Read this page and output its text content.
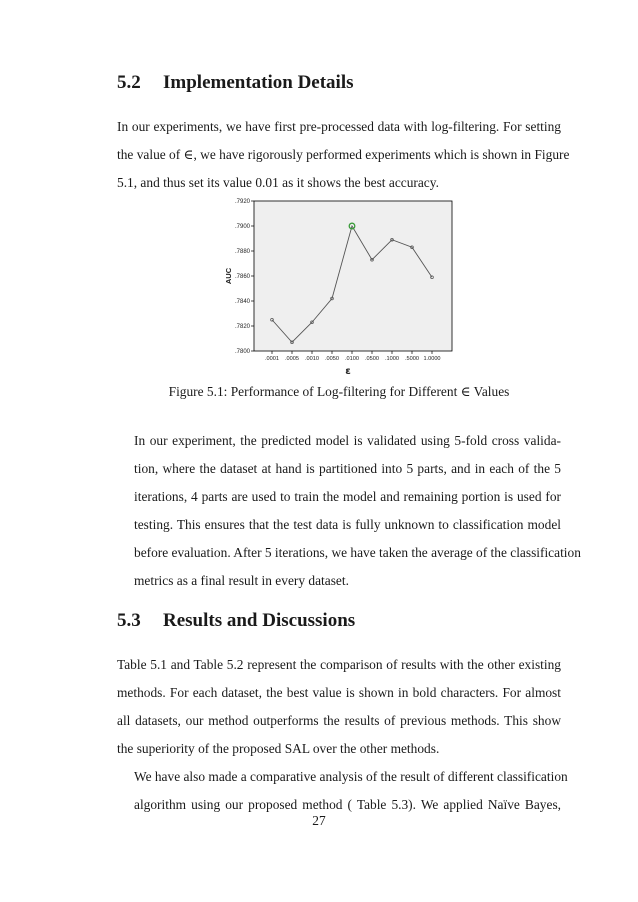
5.2 Implementation Details

In our experiments, we have first pre-processed data with log-filtering. For setting
the value of ∈, we have rigorously performed experiments which is shown in Figure
5.1, and thus set its value 0.01 as it shows the best accuracy.

.7800
.7820
.7840
.7860
.7880
.7900
.7920
.0001 .0005 .0010 .0050 .0100 .0500 .1000 .5000 1.0000
AUC
ε

Figure 5.1: Performance of Log-filtering for Different ∈ Values

In our experiment, the predicted model is validated using 5-fold cross valida-
tion, where the dataset at hand is partitioned into 5 parts, and in each of the 5
iterations, 4 parts are used to train the model and remaining portion is used for
testing. This ensures that the test data is fully unknown to classification model
before evaluation. After 5 iterations, we have taken the average of the classification
metrics as a final result in every dataset.

5.3 Results and Discussions

Table 5.1 and Table 5.2 represent the comparison of results with the other existing
methods. For each dataset, the best value is shown in bold characters. For almost
all datasets, our method outperforms the results of previous methods. This show
the superiority of the proposed SAL over the other methods.

We have also made a comparative analysis of the result of different classification
algorithm using our proposed method ( Table 5.3). We applied Naïve Bayes,

27
